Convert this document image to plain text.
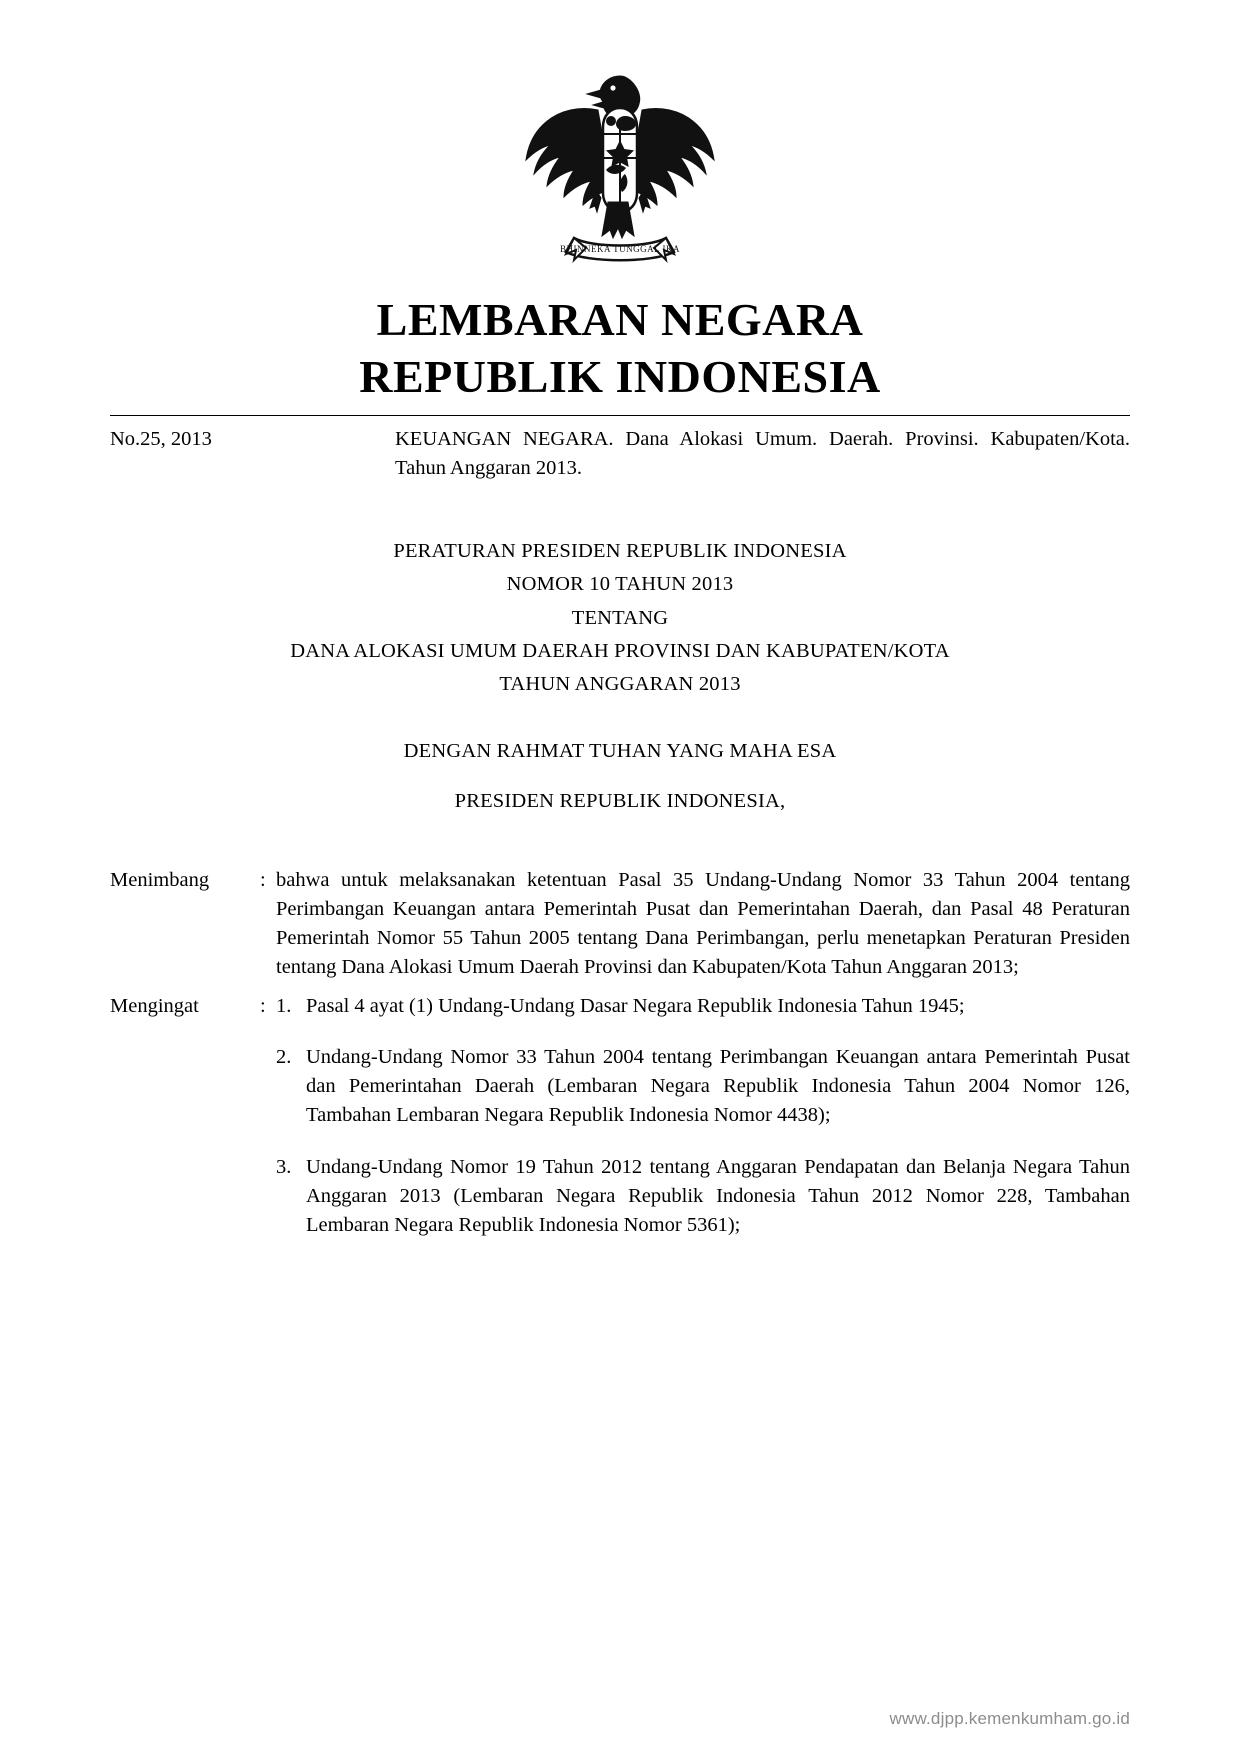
BHINNEKA TUNGGAL IKA
LEMBARAN NEGARA
REPUBLIK INDONESIA
No.25, 2013	KEUANGAN NEGARA. Dana Alokasi Umum. Daerah. Provinsi. Kabupaten/Kota. Tahun Anggaran 2013.
PERATURAN PRESIDEN REPUBLIK INDONESIA
NOMOR 10 TAHUN 2013
TENTANG
DANA ALOKASI UMUM DAERAH PROVINSI DAN KABUPATEN/KOTA
TAHUN ANGGARAN 2013
DENGAN RAHMAT TUHAN YANG MAHA ESA
PRESIDEN REPUBLIK INDONESIA,
Menimbang	: bahwa untuk melaksanakan ketentuan Pasal 35 Undang-Undang Nomor 33 Tahun 2004 tentang Perimbangan Keuangan antara Pemerintah Pusat dan Pemerintahan Daerah, dan Pasal 48 Peraturan Pemerintah Nomor 55 Tahun 2005 tentang Dana Perimbangan, perlu menetapkan Peraturan Presiden tentang Dana Alokasi Umum Daerah Provinsi dan Kabupaten/Kota Tahun Anggaran 2013;
Mengingat	: 1. Pasal 4 ayat (1) Undang-Undang Dasar Negara Republik Indonesia Tahun 1945;
2. Undang-Undang Nomor 33 Tahun 2004 tentang Perimbangan Keuangan antara Pemerintah Pusat dan Pemerintahan Daerah (Lembaran Negara Republik Indonesia Tahun 2004 Nomor 126, Tambahan Lembaran Negara Republik Indonesia Nomor 4438);
3. Undang-Undang Nomor 19 Tahun 2012 tentang Anggaran Pendapatan dan Belanja Negara Tahun Anggaran 2013 (Lembaran Negara Republik Indonesia Tahun 2012 Nomor 228, Tambahan Lembaran Negara Republik Indonesia Nomor 5361);
www.djpp.kemenkumham.go.id
